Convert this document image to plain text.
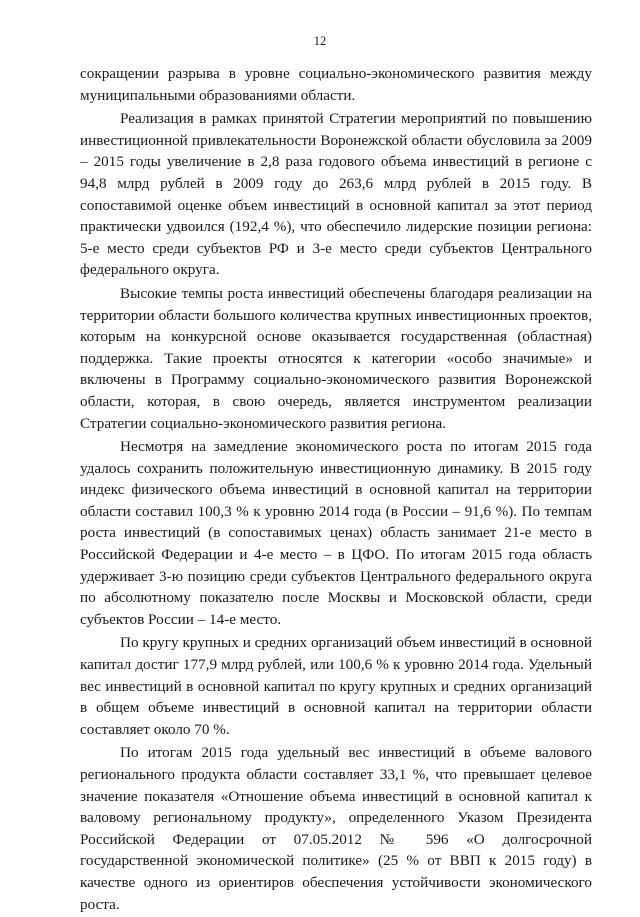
12

сокращении разрыва в уровне социально-экономического развития между муниципальными образованиями области.

Реализация в рамках принятой Стратегии мероприятий по повышению инвестиционной привлекательности Воронежской области обусловила за 2009 – 2015 годы увеличение в 2,8 раза годового объема инвестиций в регионе с 94,8 млрд рублей в 2009 году до 263,6 млрд рублей в 2015 году. В сопоставимой оценке объем инвестиций в основной капитал за этот период практически удвоился (192,4 %), что обеспечило лидерские позиции региона: 5-е место среди субъектов РФ и 3-е место среди субъектов Центрального федерального округа.

Высокие темпы роста инвестиций обеспечены благодаря реализации на территории области большого количества крупных инвестиционных проектов, которым на конкурсной основе оказывается государственная (областная) поддержка. Такие проекты относятся к категории «особо значимые» и включены в Программу социально-экономического развития Воронежской области, которая, в свою очередь, является инструментом реализации Стратегии социально-экономического развития региона.

Несмотря на замедление экономического роста по итогам 2015 года удалось сохранить положительную инвестиционную динамику. В 2015 году индекс физического объема инвестиций в основной капитал на территории области составил 100,3 % к уровню 2014 года (в России – 91,6 %). По темпам роста инвестиций (в сопоставимых ценах) область занимает 21-е место в Российской Федерации и 4-е место – в ЦФО. По итогам 2015 года область удерживает 3-ю позицию среди субъектов Центрального федерального округа по абсолютному показателю после Москвы и Московской области, среди субъектов России – 14-е место.

По кругу крупных и средних организаций объем инвестиций в основной капитал достиг 177,9 млрд рублей, или 100,6 % к уровню 2014 года. Удельный вес инвестиций в основной капитал по кругу крупных и средних организаций в общем объеме инвестиций в основной капитал на территории области составляет около 70 %.

По итогам 2015 года удельный вес инвестиций в объеме валового регионального продукта области составляет 33,1 %, что превышает целевое значение показателя «Отношение объема инвестиций в основной капитал к валовому региональному продукту», определенного Указом Президента Российской Федерации от 07.05.2012 № 596 «О долгосрочной государственной экономической политике» (25 % от ВВП к 2015 году) в качестве одного из ориентиров обеспечения устойчивости экономического роста.
